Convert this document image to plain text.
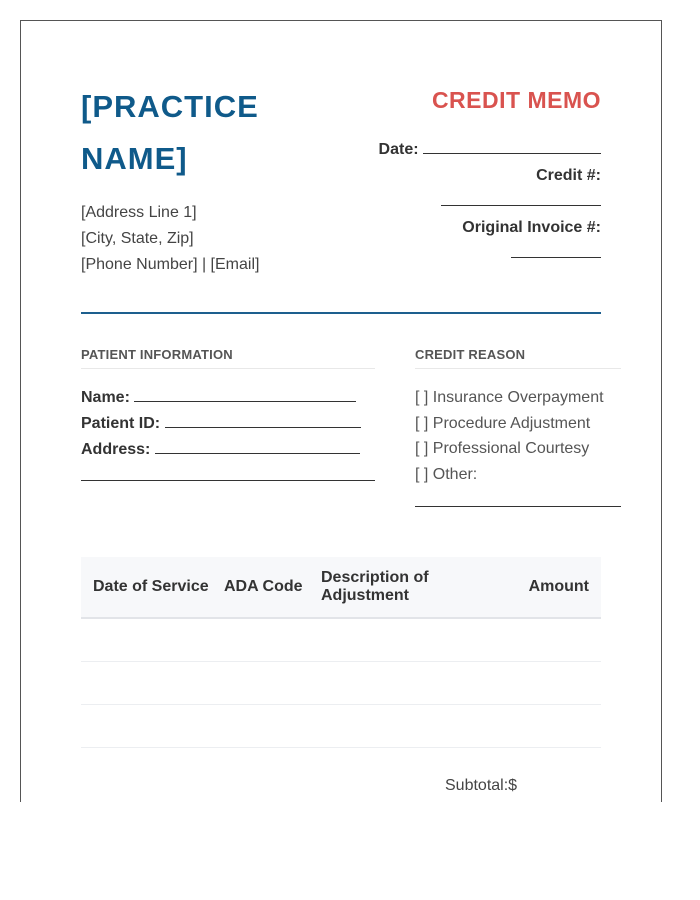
[PRACTICE NAME]
[Address Line 1]
[City, State, Zip]
[Phone Number] | [Email]
CREDIT MEMO
Date:
Credit #:
Original Invoice #:
PATIENT INFORMATION	CREDIT REASON
Name:
Patient ID:
Address:
[ ] Insurance Overpayment
[ ] Procedure Adjustment
[ ] Professional Courtesy
[ ] Other:
Date of Service ADA Code
Description of Adjustment
Amount
Subtotal:$
